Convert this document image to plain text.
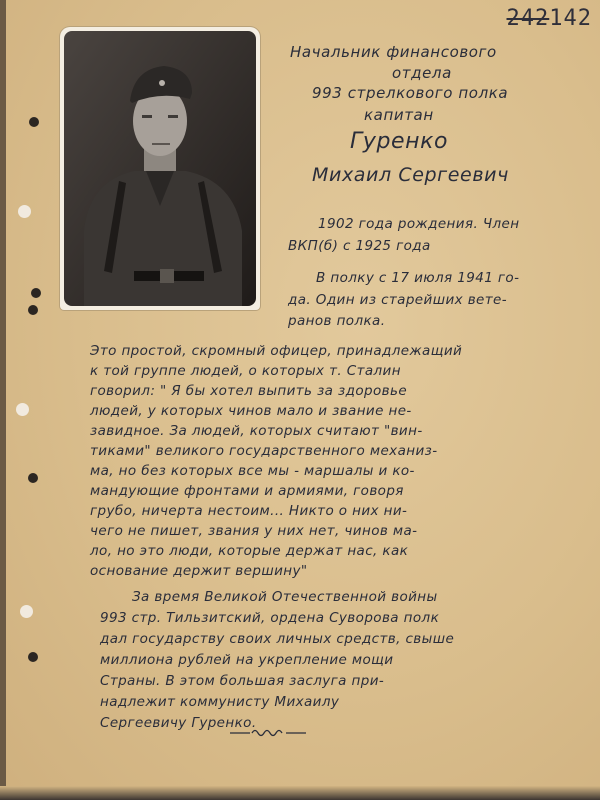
242142
Начальник финансового
отдела
993 стрелкового полка
капитан
Гуренко
Михаил Сергеевич
1902 года рождения. Член
ВКП(б) с 1925 года
В полку с 17 июля 1941 го-
да. Один из старейших вете-
ранов полка.
Это простой, скромный офицер, принадлежащий
к той группе людей, о которых т. Сталин
говорил: " Я бы хотел выпить за здоровье
людей, у которых чинов мало и звание не-
завидное. За людей, которых считают "вин-
тиками" великого государственного механиз-
ма, но без которых все мы - маршалы и ко-
мандующие фронтами и армиями, говоря
грубо, ничерта нестоим... Никто о них ни-
чего не пишет, звания у них нет, чинов ма-
ло, но это люди, которые держат нас, как
основание держит вершину"
За время Великой Отечественной войны
993 стр. Тильзитский, ордена Суворова полк
дал государству своих личных средств, свыше
миллиона рублей на укрепление мощи
Страны. В этом большая заслуга при-
надлежит коммунисту Михаилу
Сергеевичу Гуренко.
